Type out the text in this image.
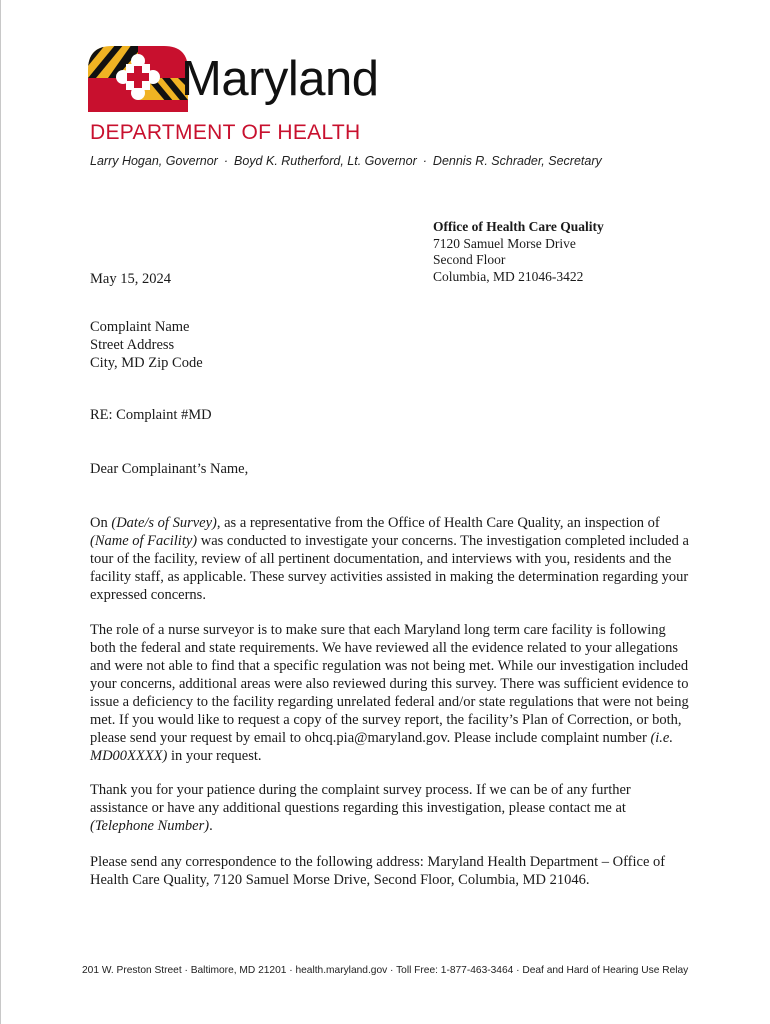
Maryland
DEPARTMENT OF HEALTH
Larry Hogan, Governor · Boyd K. Rutherford, Lt. Governor · Dennis R. Schrader, Secretary
Office of Health Care Quality
7120 Samuel Morse Drive
Second Floor
Columbia, MD 21046-3422
May 15, 2024
Complaint Name
Street Address
City, MD Zip Code
RE: Complaint #MD
Dear Complainant’s Name,
On (Date/s of Survey), as a representative from the Office of Health Care Quality, an inspection of (Name of Facility) was conducted to investigate your concerns. The investigation completed included a tour of the facility, review of all pertinent documentation, and interviews with you, residents and the facility staff, as applicable. These survey activities assisted in making the determination regarding your expressed concerns.
The role of a nurse surveyor is to make sure that each Maryland long term care facility is following both the federal and state requirements. We have reviewed all the evidence related to your allegations and were not able to find that a specific regulation was not being met. While our investigation included your concerns, additional areas were also reviewed during this survey. There was sufficient evidence to issue a deficiency to the facility regarding unrelated federal and/or state regulations that were not being met. If you would like to request a copy of the survey report, the facility’s Plan of Correction, or both, please send your request by email to ohcq.pia@maryland.gov. Please include complaint number (i.e. MD00XXXX) in your request.
Thank you for your patience during the complaint survey process. If we can be of any further assistance or have any additional questions regarding this investigation, please contact me at (Telephone Number).
Please send any correspondence to the following address: Maryland Health Department – Office of Health Care Quality, 7120 Samuel Morse Drive, Second Floor, Columbia, MD 21046.
201 W. Preston Street · Baltimore, MD 21201 · health.maryland.gov · Toll Free: 1-877-463-3464 · Deaf and Hard of Hearing Use Relay
